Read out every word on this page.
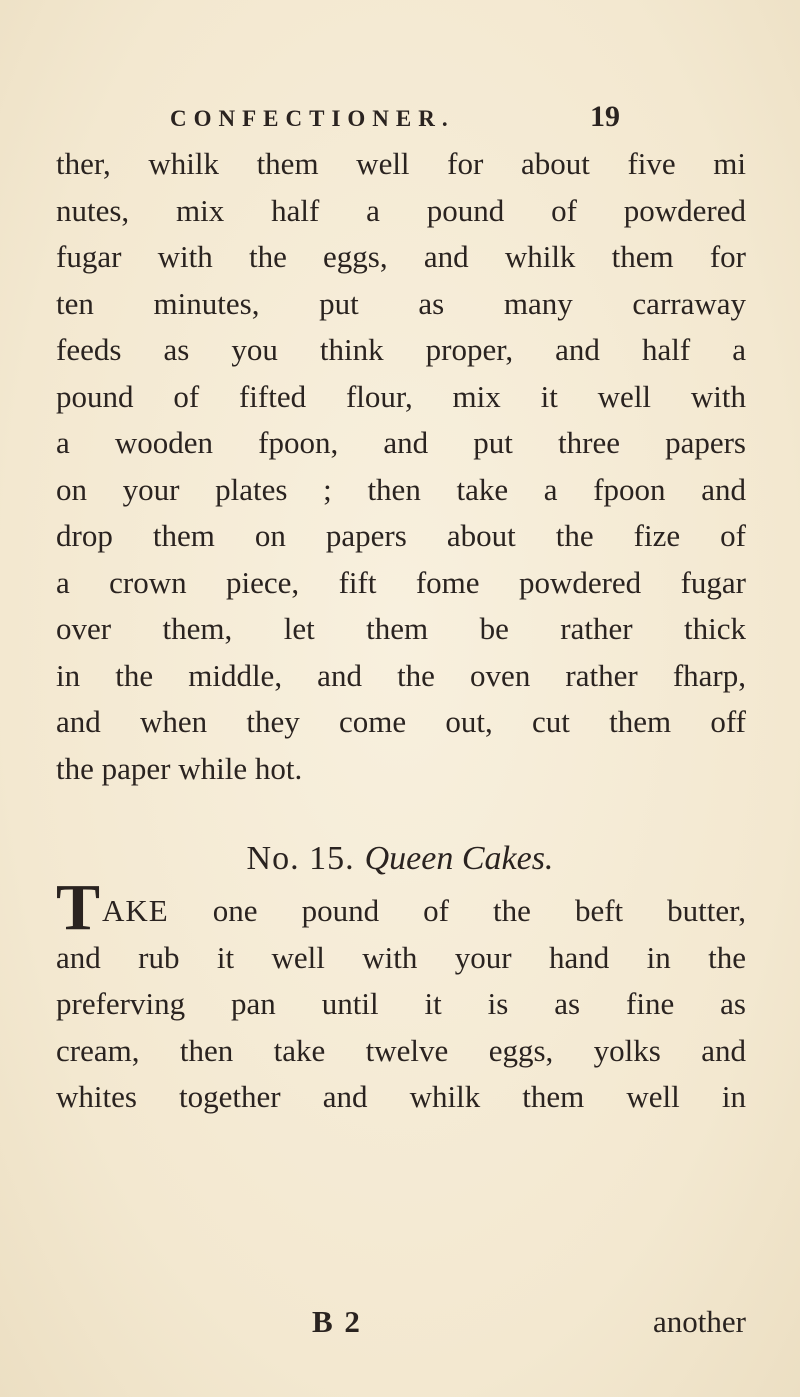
CONFECTIONER.	19
ther, whilk them well for about five mi
nutes, mix half a pound of powdered
fugar with the eggs, and whilk them for
ten minutes, put as many carraway
feeds as you think proper, and half a
pound of fifted flour, mix it well with
a wooden fpoon, and put three papers
on your plates ; then take a fpoon and
drop them on papers about the fize of
a crown piece, fift fome powdered fugar
over them, let them be rather thick
in the middle, and the oven rather fharp,
and when they come out, cut them off
the paper while hot.
No. 15. Queen Cakes.
TAKE one pound of the beft butter,
and rub it well with your hand in the
preferving pan until it is as fine as
cream, then take twelve eggs, yolks and
whites together and whilk them well in
B 2	another
